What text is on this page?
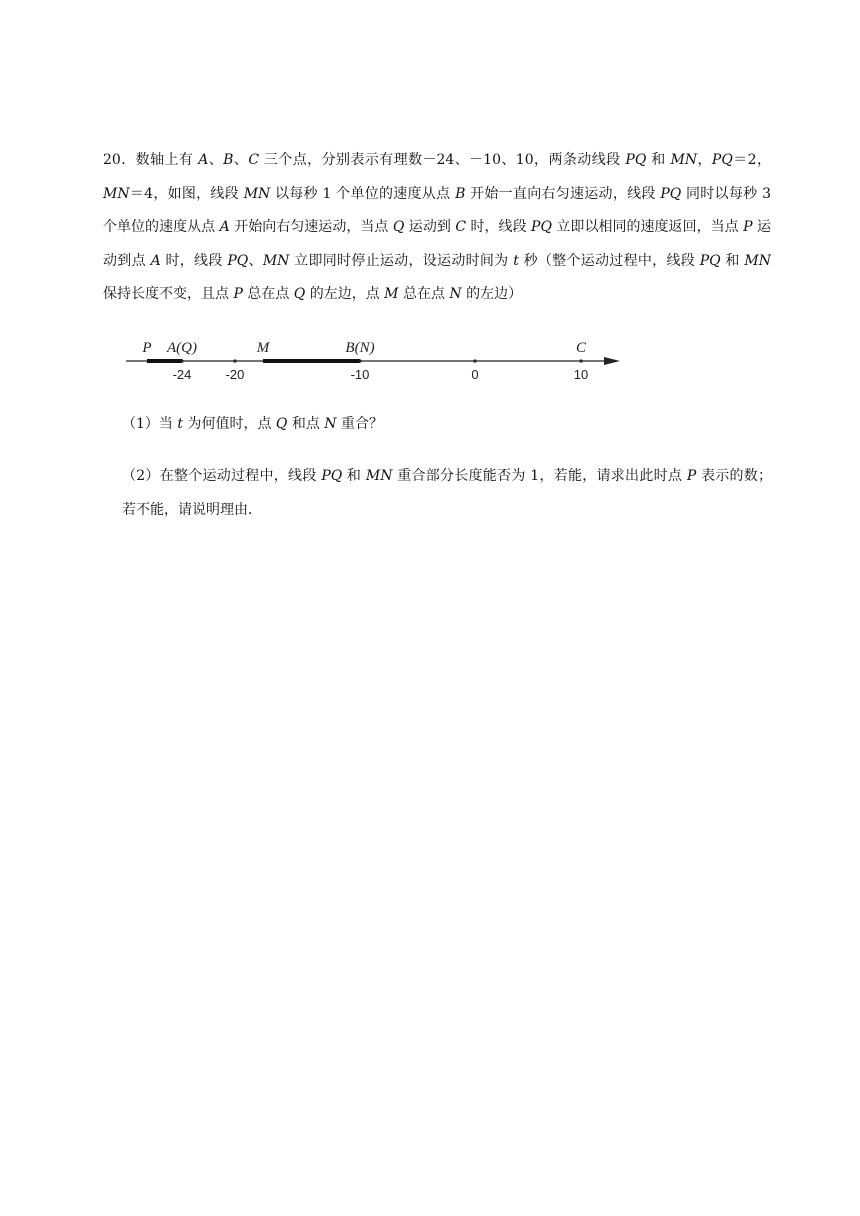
20．数轴上有 A、B、C 三个点，分别表示有理数－24、－10、10，两条动线段 PQ 和 MN，PQ＝2，MN＝4，如图，线段 MN 以每秒 1 个单位的速度从点 B 开始一直向右匀速运动，线段 PQ 同时以每秒 3 个单位的速度从点 A 开始向右匀速运动，当点 Q 运动到 C 时，线段 PQ 立即以相同的速度返回，当点 P 运动到点 A 时，线段 PQ、MN 立即同时停止运动，设运动时间为 t 秒（整个运动过程中，线段 PQ 和 MN 保持长度不变，且点 P 总在点 Q 的左边，点 M 总在点 N 的左边）

-24	-20	-10	0	10
P A(Q)	M	B(N)	C

（1）当 t 为何值时，点 Q 和点 N 重合？

（2）在整个运动过程中，线段 PQ 和 MN 重合部分长度能否为 1，若能，请求出此时点 P 表示的数；若不能，请说明理由．
